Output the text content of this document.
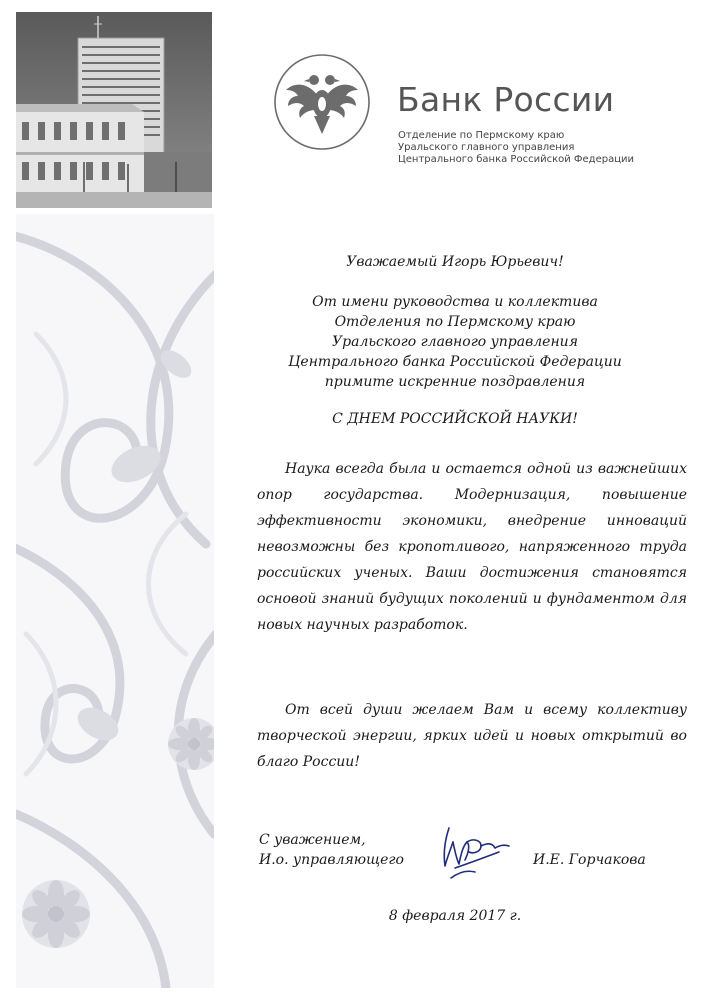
Банк России
Отделение по Пермскому краю
Уральского главного управления
Центрального банка Российской Федерации
Уважаемый Игорь Юрьевич!
От имени руководства и коллектива
Отделения по Пермскому краю
Уральского главного управления
Центрального банка Российской Федерации
примите искренние поздравления
С ДНЕМ РОССИЙСКОЙ НАУКИ!
Наука всегда была и остается одной из важнейших опор государства. Модернизация, повышение эффективности экономики, внедрение инноваций невозможны без кропотливого, напряженного труда российских ученых. Ваши достижения становятся основой знаний будущих поколений и фундаментом для новых научных разработок.
От всей души желаем Вам и всему коллективу творческой энергии, ярких идей и новых открытий во благо России!
С уважением,
И.о. управляющего	И.Е. Горчакова
8 февраля 2017 г.
